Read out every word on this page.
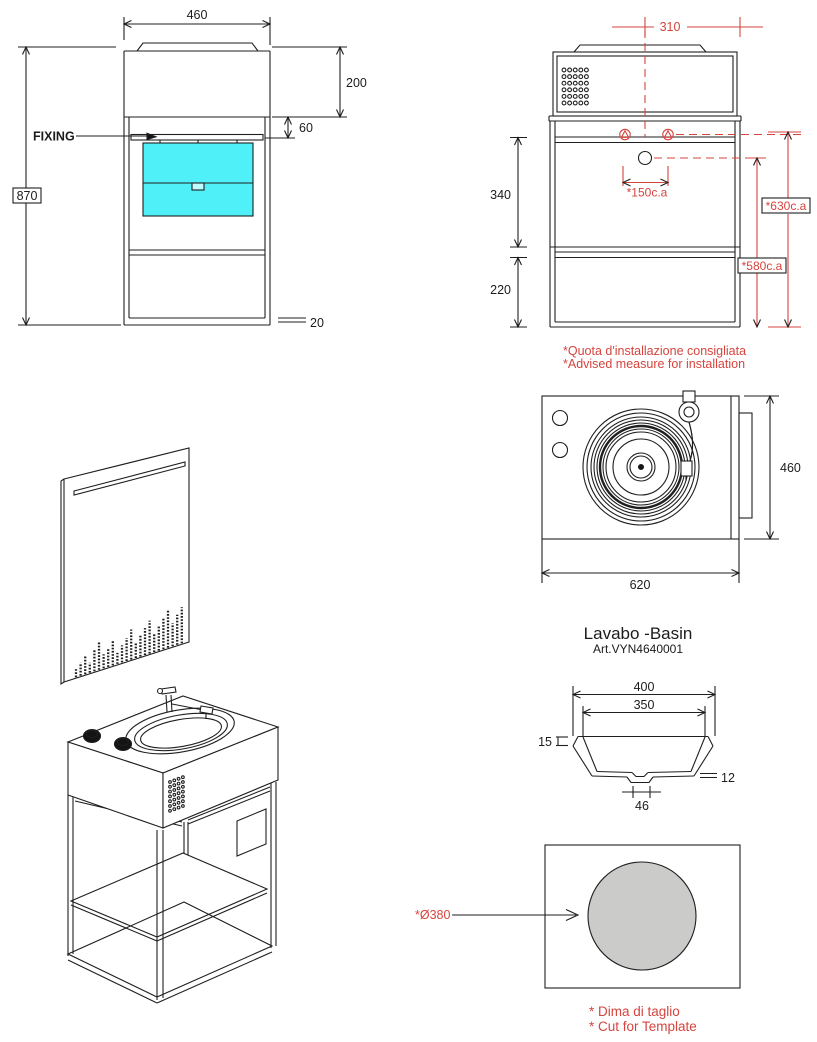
460
870
200
60
20
FIXING
310
*150c.a
340
220
*630c.a
*580c.a
*Quota d'installazione consigliata
*Advised measure for installation
460
620
Lavabo -Basin
Art.VYN4640001
400
350
15
12
46
*Ø380
* Dima di taglio
* Cut for Template
